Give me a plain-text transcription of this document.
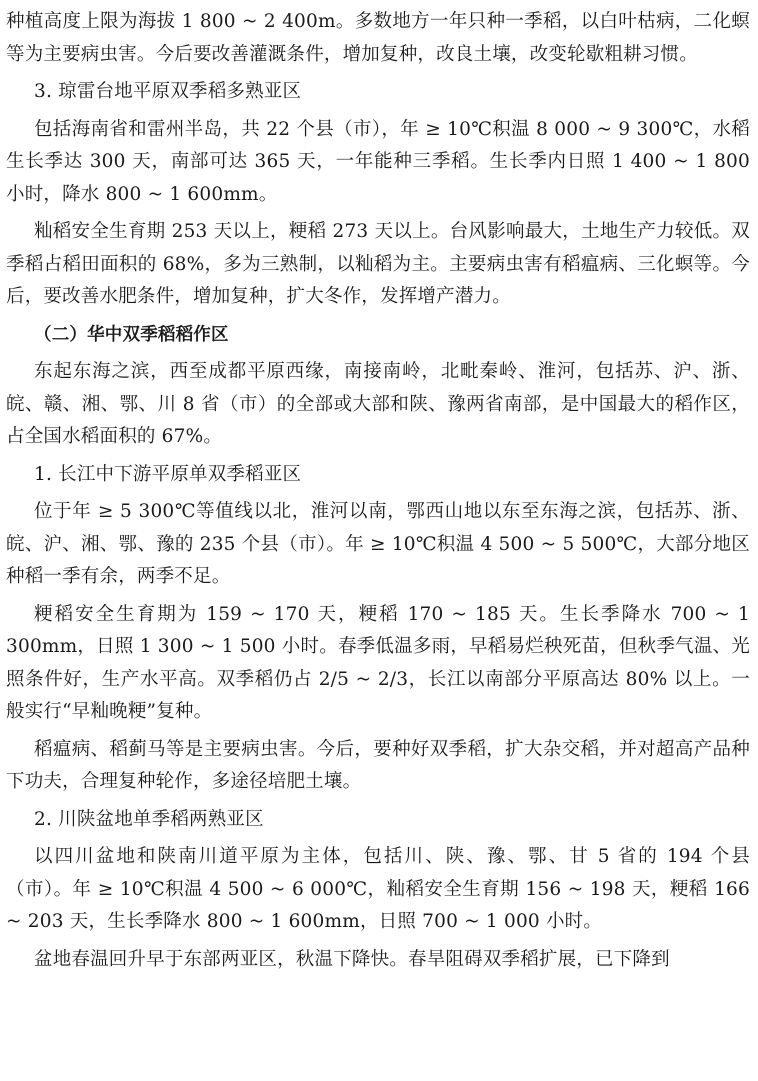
种植高度上限为海拔 1 800 ~ 2 400m。多数地方一年只种一季稻，以白叶枯病，二化螟等为主要病虫害。今后要改善灌溉条件，增加复种，改良土壤，改变轮歇粗耕习惯。

3. 琼雷台地平原双季稻多熟亚区

包括海南省和雷州半岛，共 22 个县（市），年 ≥ 10℃积温 8 000 ~ 9 300℃，水稻生长季达 300 天，南部可达 365 天，一年能种三季稻。生长季内日照 1 400 ~ 1 800 小时，降水 800 ~ 1 600mm。

籼稻安全生育期 253 天以上，粳稻 273 天以上。台风影响最大，土地生产力较低。双季稻占稻田面积的 68%，多为三熟制，以籼稻为主。主要病虫害有稻瘟病、三化螟等。今后，要改善水肥条件，增加复种，扩大冬作，发挥增产潜力。

（二）华中双季稻稻作区

东起东海之滨，西至成都平原西缘，南接南岭，北毗秦岭、淮河，包括苏、沪、浙、皖、赣、湘、鄂、川 8 省（市）的全部或大部和陕、豫两省南部，是中国最大的稻作区，占全国水稻面积的 67%。

1. 长江中下游平原单双季稻亚区

位于年 ≥ 5 300℃等值线以北，淮河以南，鄂西山地以东至东海之滨，包括苏、浙、皖、沪、湘、鄂、豫的 235 个县（市）。年 ≥ 10℃积温 4 500 ~ 5 500℃，大部分地区种稻一季有余，两季不足。

粳稻安全生育期为 159 ~ 170 天，粳稻 170 ~ 185 天。生长季降水 700 ~ 1 300mm，日照 1 300 ~ 1 500 小时。春季低温多雨，早稻易烂秧死苗，但秋季气温、光照条件好，生产水平高。双季稻仍占 2/5 ~ 2/3，长江以南部分平原高达 80% 以上。一般实行“早籼晚粳”复种。

稻瘟病、稻蓟马等是主要病虫害。今后，要种好双季稻，扩大杂交稻，并对超高产品种下功夫，合理复种轮作，多途径培肥土壤。

2. 川陕盆地单季稻两熟亚区

以四川盆地和陕南川道平原为主体，包括川、陕、豫、鄂、甘 5 省的 194 个县（市）。年 ≥ 10℃积温 4 500 ~ 6 000℃，籼稻安全生育期 156 ~ 198 天，粳稻 166 ~ 203 天，生长季降水 800 ~ 1 600mm，日照 700 ~ 1 000 小时。

盆地春温回升早于东部两亚区，秋温下降快。春旱阻碍双季稻扩展，已下降到
